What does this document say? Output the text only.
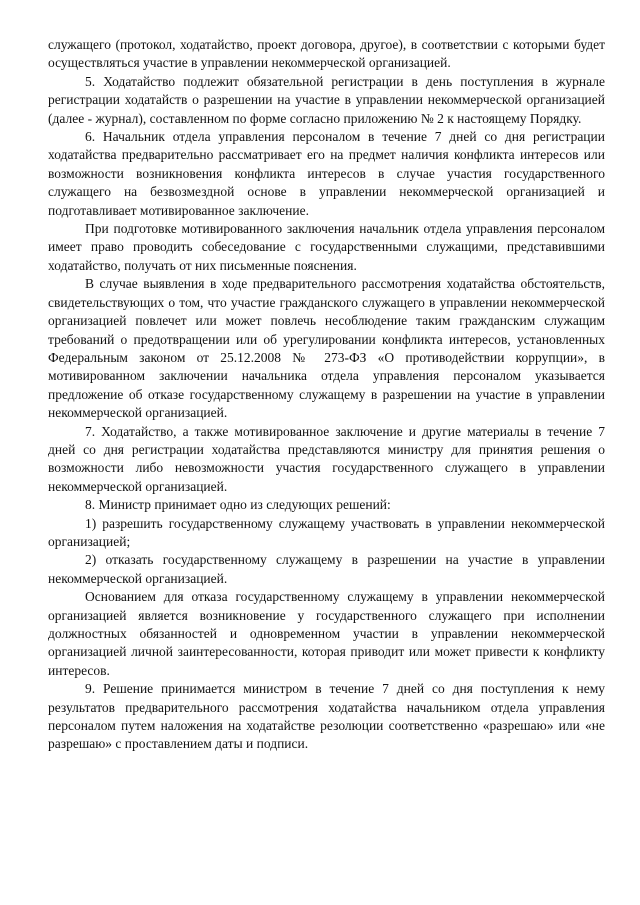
служащего (протокол, ходатайство, проект договора, другое), в соответствии с которыми будет осуществляться участие в управлении некоммерческой организацией.

5. Ходатайство подлежит обязательной регистрации в день поступления в журнале регистрации ходатайств о разрешении на участие в управлении некоммерческой организацией (далее - журнал), составленном по форме согласно приложению № 2 к настоящему Порядку.

6. Начальник отдела управления персоналом в течение 7 дней со дня регистрации ходатайства предварительно рассматривает его на предмет наличия конфликта интересов или возможности возникновения конфликта интересов в случае участия государственного служащего на безвозмездной основе в управлении некоммерческой организацией и подготавливает мотивированное заключение.

При подготовке мотивированного заключения начальник отдела управления персоналом имеет право проводить собеседование с государственными служащими, представившими ходатайство, получать от них письменные пояснения.

В случае выявления в ходе предварительного рассмотрения ходатайства обстоятельств, свидетельствующих о том, что участие гражданского служащего в управлении некоммерческой организацией повлечет или может повлечь несоблюдение таким гражданским служащим требований о предотвращении или об урегулировании конфликта интересов, установленных Федеральным законом от 25.12.2008 № 273-ФЗ «О противодействии коррупции», в мотивированном заключении начальника отдела управления персоналом указывается предложение об отказе государственному служащему в разрешении на участие в управлении некоммерческой организацией.

7. Ходатайство, а также мотивированное заключение и другие материалы в течение 7 дней со дня регистрации ходатайства представляются министру для принятия решения о возможности либо невозможности участия государственного служащего в управлении некоммерческой организацией.

8. Министр принимает одно из следующих решений:

1) разрешить государственному служащему участвовать в управлении некоммерческой организацией;

2) отказать государственному служащему в разрешении на участие в управлении некоммерческой организацией.

Основанием для отказа государственному служащему в управлении некоммерческой организацией является возникновение у государственного служащего при исполнении должностных обязанностей и одновременном участии в управлении некоммерческой организацией личной заинтересованности, которая приводит или может привести к конфликту интересов.

9. Решение принимается министром в течение 7 дней со дня поступления к нему результатов предварительного рассмотрения ходатайства начальником отдела управления персоналом путем наложения на ходатайстве резолюции соответственно «разрешаю» или «не разрешаю» с проставлением даты и подписи.
